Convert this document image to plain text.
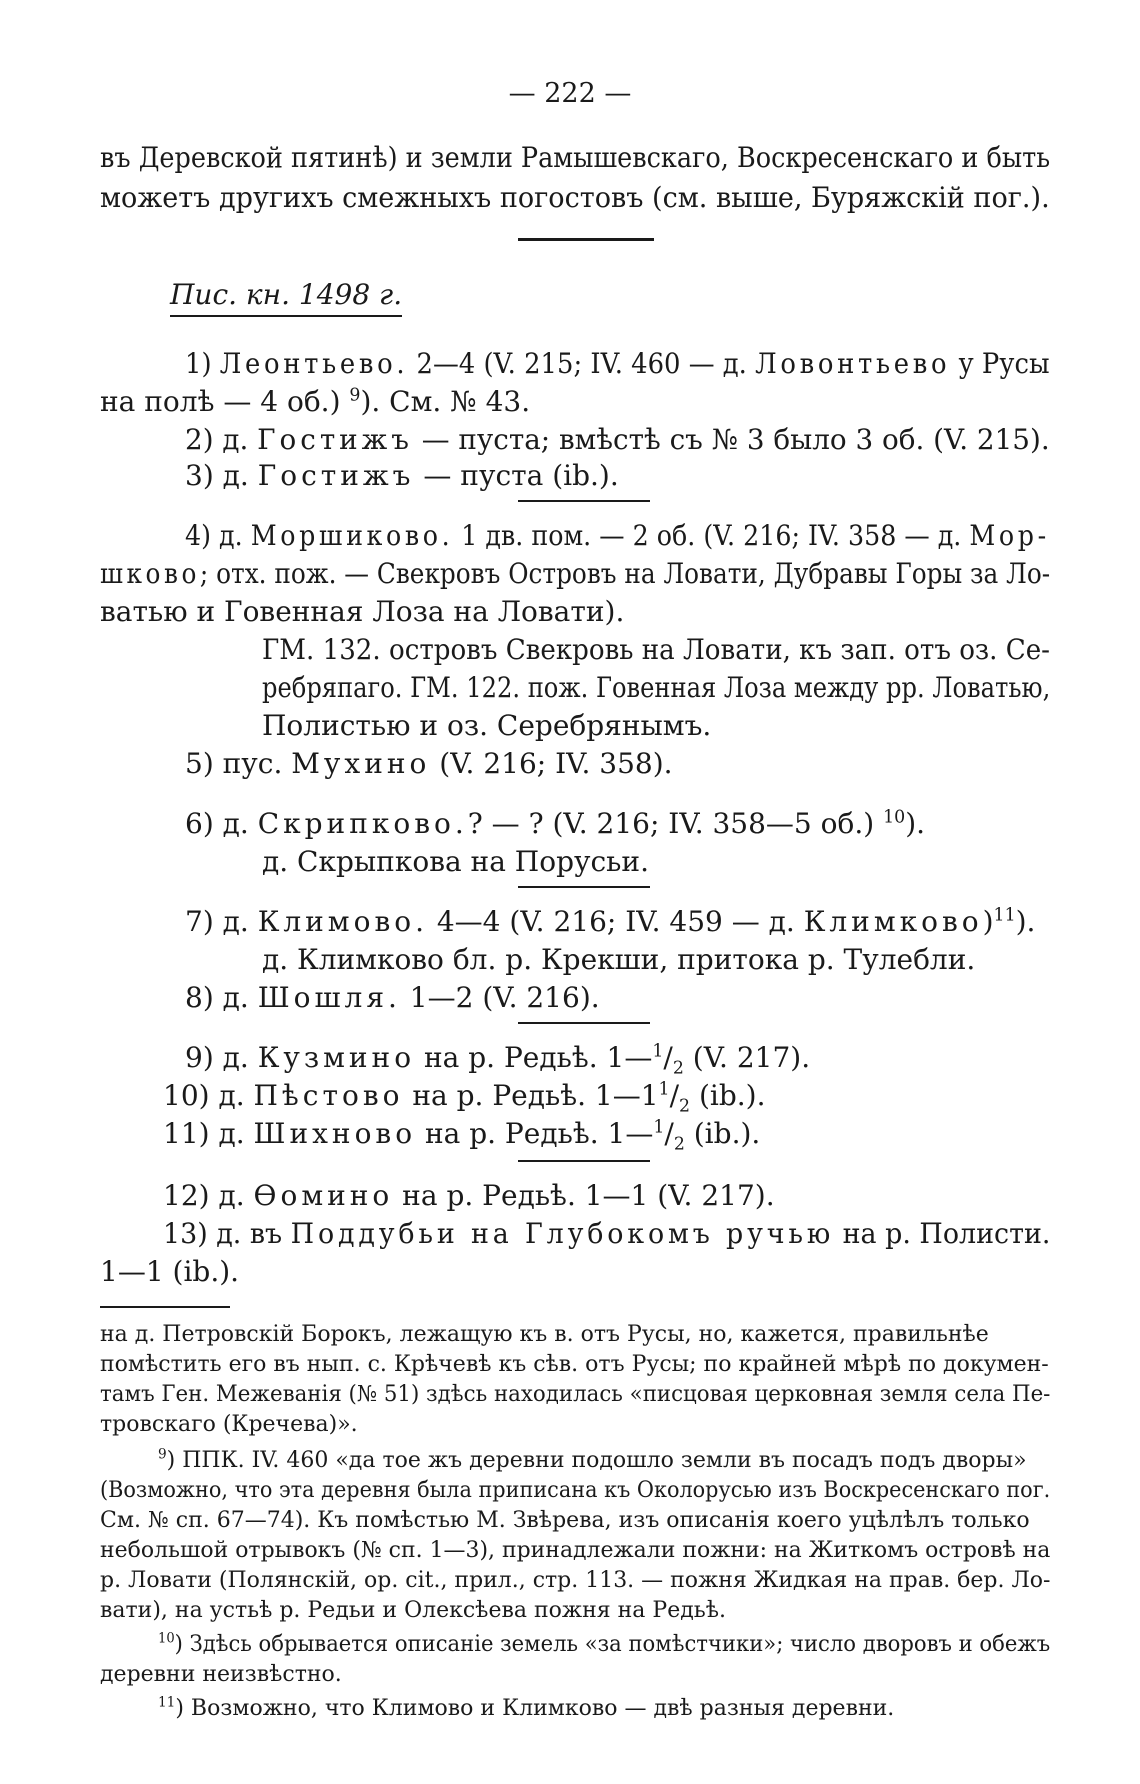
— 222 —
въ Деревской пятинѣ) и земли Рамышевскаго, Воскресенскаго и быть
можетъ другихъ смежныхъ погостовъ (см. выше, Буряжскій пог.).
Пис. кн. 1498 г.
1) Леонтьево. 2—4 (V. 215; IV. 460 — д. Ловонтьево у Русы
на полѣ — 4 об.) $^9$). См. № 43.
2) д. Гостижъ — пуста; вмѣстѣ съ № 3 было 3 об. (V. 215).
3) д. Гостижъ — пуста (ib.).
4) д. Моршиково. 1 дв. пом. — 2 об. (V. 216; IV. 358 — д. Мор-
шково; отх. пож. — Свекровъ Островъ на Ловати, Дубравы Горы за Ло-
ватью и Говенная Лоза на Ловати).
ГМ. 132. островъ Свекровь на Ловати, къ зап. отъ оз. Се-
ребряпаго. ГМ. 122. пож. Говенная Лоза между рр. Ловатью,
Полистью и оз. Серебрянымъ.
5) пус. Мухино (V. 216; IV. 358).
6) д. Скрипково.? — ? (V. 216; IV. 358—5 об.) $^{10}$).
д. Скрыпкова на Порусьи.
7) д. Климово. 4—4 (V. 216; IV. 459 — д. Климково)$^{11}$).
д. Климково бл. р. Крекши, притока р. Тулебли.
8) д. Шошля. 1—2 (V. 216).
9) д. Кузмино на р. Редьѣ. $1—^1/_2$ (V. 217).
10) д. Пѣстово на р. Редьѣ. $1—1^1/_2$ (ib.).
11) д. Шихново на р. Редьѣ. $1—^1/_2$ (ib.).
12) д. Ѳомино на р. Редьѣ. 1—1 (V. 217).
13) д. въ Поддубьи на Глубокомъ ручью на р. Полисти.
1—1 (ib.).
на д. Петровскій Борокъ, лежащую къ в. отъ Русы, но, кажется, правильнѣе
помѣстить его въ нып. с. Крѣчевѣ къ сѣв. отъ Русы; по крайней мѣрѣ по докумен-
тамъ Ген. Межеванія (№ 51) здѣсь находилась «писцовая церковная земля села Пе-
тровскаго (Кречева)».
$^9$) ППК. IV. 460 «да тое жъ деревни подошло земли въ посадъ подъ дворы»
(Возможно, что эта деревня была приписана къ Околорусью изъ Воскресенскаго пог.
См. № сп. 67—74). Къ помѣстью М. Звѣрева, изъ описанія коего уцѣлѣлъ только
небольшой отрывокъ (№ сп. 1—3), принадлежали пожни: на Житкомъ островѣ на
р. Ловати (Полянскій, ор. cit., прил., стр. 113. — пожня Жидкая на прав. бер. Ло-
вати), на устьѣ р. Редьи и Олексѣева пожня на Редьѣ.
$^{10}$) Здѣсь обрывается описаніе земель «за помѣстчики»; число дворовъ и обежъ
деревни неизвѣстно.
$^{11}$) Возможно, что Климово и Климково — двѣ разныя деревни.
